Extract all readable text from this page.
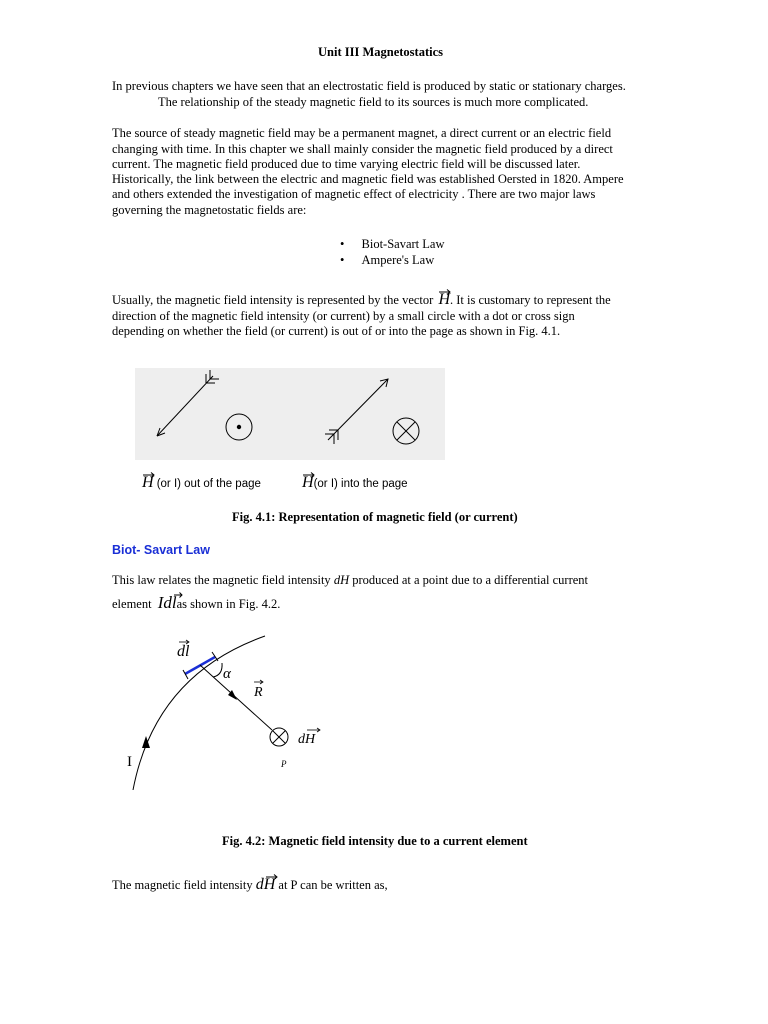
Unit III Magnetostatics
In previous chapters we have seen that an electrostatic field is produced by static or stationary charges.
The relationship of the steady magnetic field to its sources is much more complicated.
The source of steady magnetic field may be a permanent magnet, a direct current or an electric field
changing with time. In this chapter we shall mainly consider the magnetic field produced by a direct
current. The magnetic field produced due to time varying electric field will be discussed later.
Historically, the link between the electric and magnetic field was established Oersted in 1820. Ampere
and others extended the investigation of magnetic effect of electricity . There are two major laws
governing the magnetostatic fields are:
• Biot-Savart Law
• Ampere's Law
Usually, the magnetic field intensity is represented by the vector H. It is customary to represent the
direction of the magnetic field intensity (or current) by a small circle with a dot or cross sign
depending on whether the field (or current) is out of or into the page as shown in Fig. 4.1.
H (or I) out of the page	H(or I) into the page
Fig. 4.1: Representation of magnetic field (or current)
Biot- Savart Law
This law relates the magnetic field intensity dH produced at a point due to a differential current
element Idlas shown in Fig. 4.2.
dl
α
R
dH
P
I
Fig. 4.2: Magnetic field intensity due to a current element
The magnetic field intensity dH at P can be written as,
